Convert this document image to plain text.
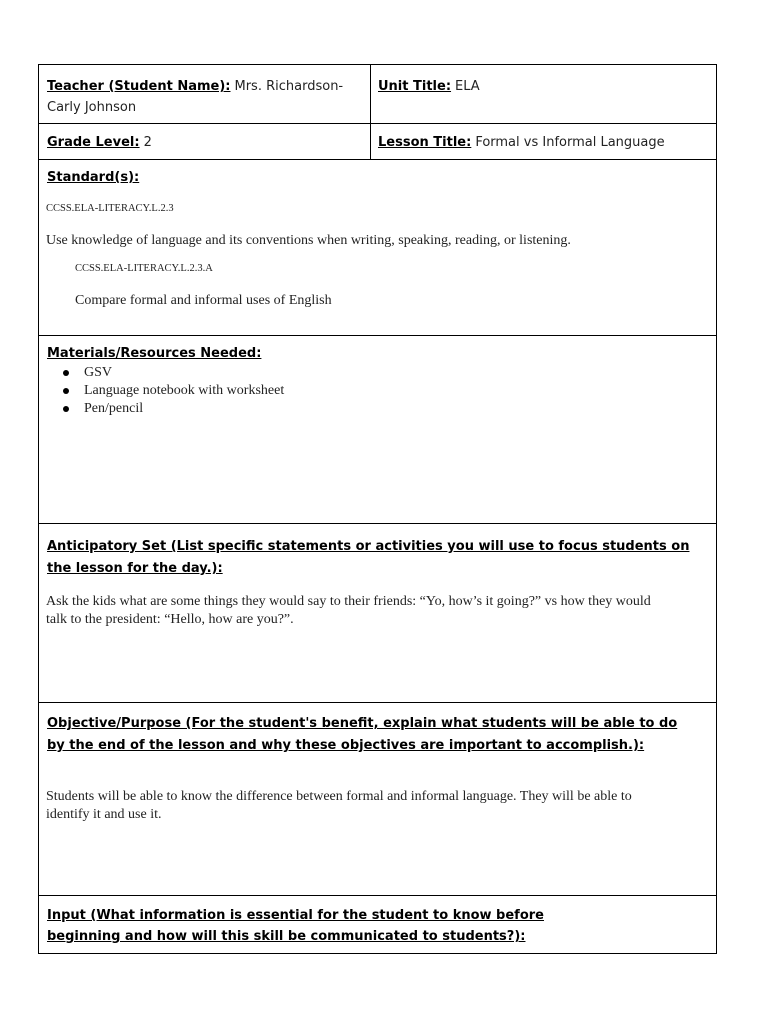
Teacher (Student Name): Mrs. Richardson-
Carly Johnson
Unit Title: ELA
Grade Level: 2	Lesson Title: Formal vs Informal Language
Standard(s):
CCSS.ELA-LITERACY.L.2.3
Use knowledge of language and its conventions when writing, speaking, reading, or listening.
CCSS.ELA-LITERACY.L.2.3.A
Compare formal and informal uses of English
Materials/Resources Needed:
GSV
Language notebook with worksheet
Pen/pencil
Anticipatory Set (List specific statements or activities you will use to focus students on
the lesson for the day.):
Ask the kids what are some things they would say to their friends: “Yo, how’s it going?” vs how they would
talk to the president: “Hello, how are you?”.
Objective/Purpose (For the student's benefit, explain what students will be able to do
by the end of the lesson and why these objectives are important to accomplish.):
Students will be able to know the difference between formal and informal language. They will be able to
identify it and use it.
Input (What information is essential for the student to know before
beginning and how will this skill be communicated to students?):
